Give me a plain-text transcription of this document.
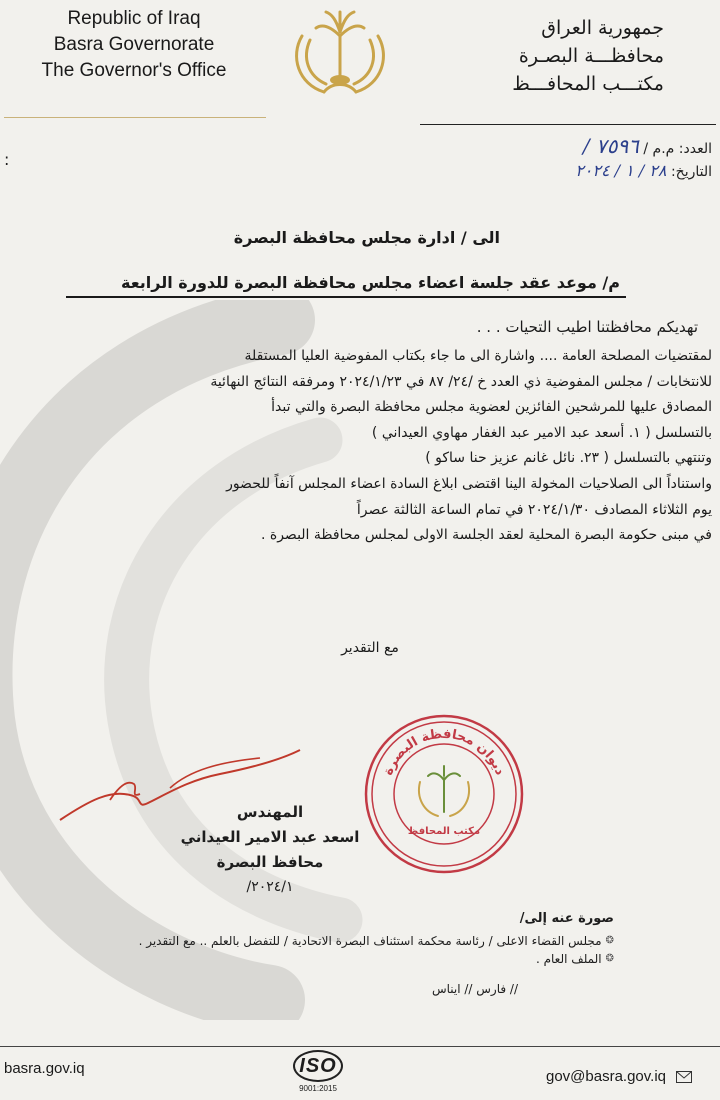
Republic of Iraq
Basra Governorate
The Governor's Office
جمهورية العراق
محافظـــة البصـرة
مكتـــب المحافـــظ
:
العدد: م.م / ٧٥٩٦ /
التاريخ: ٢٨ / ١ / ٢٠٢٤
الى / ادارة مجلس محافظة البصرة
م/ موعد عقد جلسة اعضاء مجلس محافظة البصرة للدورة الرابعة
تهديكم محافظتنا اطيب التحيات . . .

لمقتضيات المصلحة العامة .... واشارة الى ما جاء بكتاب المفوضية العليا المستقلة

للانتخابات / مجلس المفوضية ذي العدد خ /٢٤/ ٨٧ في ٢٠٢٤/١/٢٣ ومرفقه النتائج النهائية

المصادق عليها للمرشحين الفائزين لعضوية مجلس محافظة البصرة والتي تبدأ

بالتسلسل ( ١. أسعد عبد الامير عبد الغفار مهاوي العيداني )

وتنتهي بالتسلسل ( ٢٣. نائل غانم عزيز حنا ساكو )

واستناداً الى الصلاحيات المخولة الينا اقتضى ابلاغ السادة اعضاء المجلس آنفاً للحضور

يوم الثلاثاء المصادف ٢٠٢٤/١/٣٠ في تمام الساعة الثالثة عصراً

في مبنى حكومة البصرة المحلية لعقد الجلسة الاولى لمجلس محافظة البصرة .

مع التقدير
ديوان محافظة البصرة
مكتب المحافظ
المهندس
اسعد عبد الامير العيداني
محافظ البصرة
٢٠٢٤/١/
صورة عنه إلى/
❂
مجلس القضاء الاعلى / رئاسة محكمة استئناف البصرة الاتحادية / للتفضل بالعلم .. مع التقدير .
❂
الملف العام .
// فارس // ايناس
basra.gov.iq	ISO
9001:2015
gov@basra.gov.iq
